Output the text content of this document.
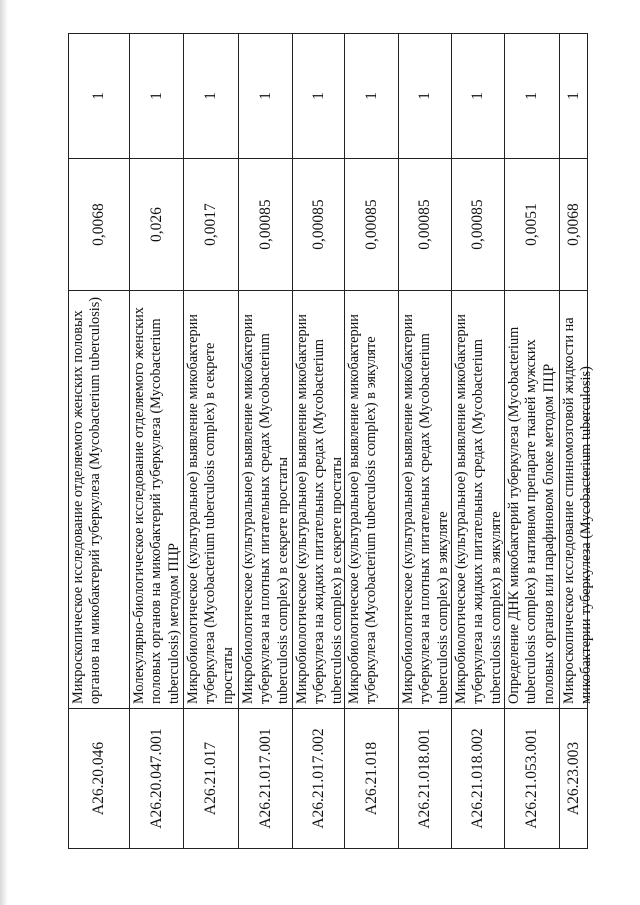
A26.20.046
Микроскопическое исследование отделяемого женских половых органов на микобактерий туберкулеза (Mycobacterium tuberculosis)
0,0068
1
A26.20.047.001
Молекулярно-биологическое исследование отделяемого женских половых органов на микобактерий туберкулеза (Mycobacterium tuberculosis) методом ПЦР
0,026
1
A26.21.017
Микробиологическое (культуральное) выявление микобактерии туберкулеза (Mycobacterium tuberculosis complex) в секрете простаты
0,0017
1
A26.21.017.001
Микробиологическое (культуральное) выявление микобактерии туберкулеза на плотных питательных средах (Mycobacterium tuberculosis complex) в секрете простаты
0,00085
1
A26.21.017.002
Микробиологическое (культуральное) выявление микобактерии туберкулеза на жидких питательных средах (Mycobacterium tuberculosis complex) в секрете простаты
0,00085
1
A26.21.018
Микробиологическое (культуральное) выявление микобактерии туберкулеза (Mycobacterium tuberculosis complex) в эякуляте
0,00085
1
A26.21.018.001
Микробиологическое (культуральное) выявление микобактерии туберкулеза на плотных питательных средах (Mycobacterium tuberculosis complex) в эякуляте
0,00085
1
A26.21.018.002
Микробиологическое (культуральное) выявление микобактерии туберкулеза на жидких питательных средах (Mycobacterium tuberculosis complex) в эякуляте
0,00085
1
A26.21.053.001
Определение ДНК микобактерий туберкулеза (Mycobacterium tuberculosis complex) в нативном препарате тканей мужских половых органов или парафиновом блоке методом ПЦР
0,0051
1
A26.23.003
Микроскопическое исследование спинномозговой жидкости на микобактерии туберкулеза (Mycobacterium tuberculosis)
0,0068
1
